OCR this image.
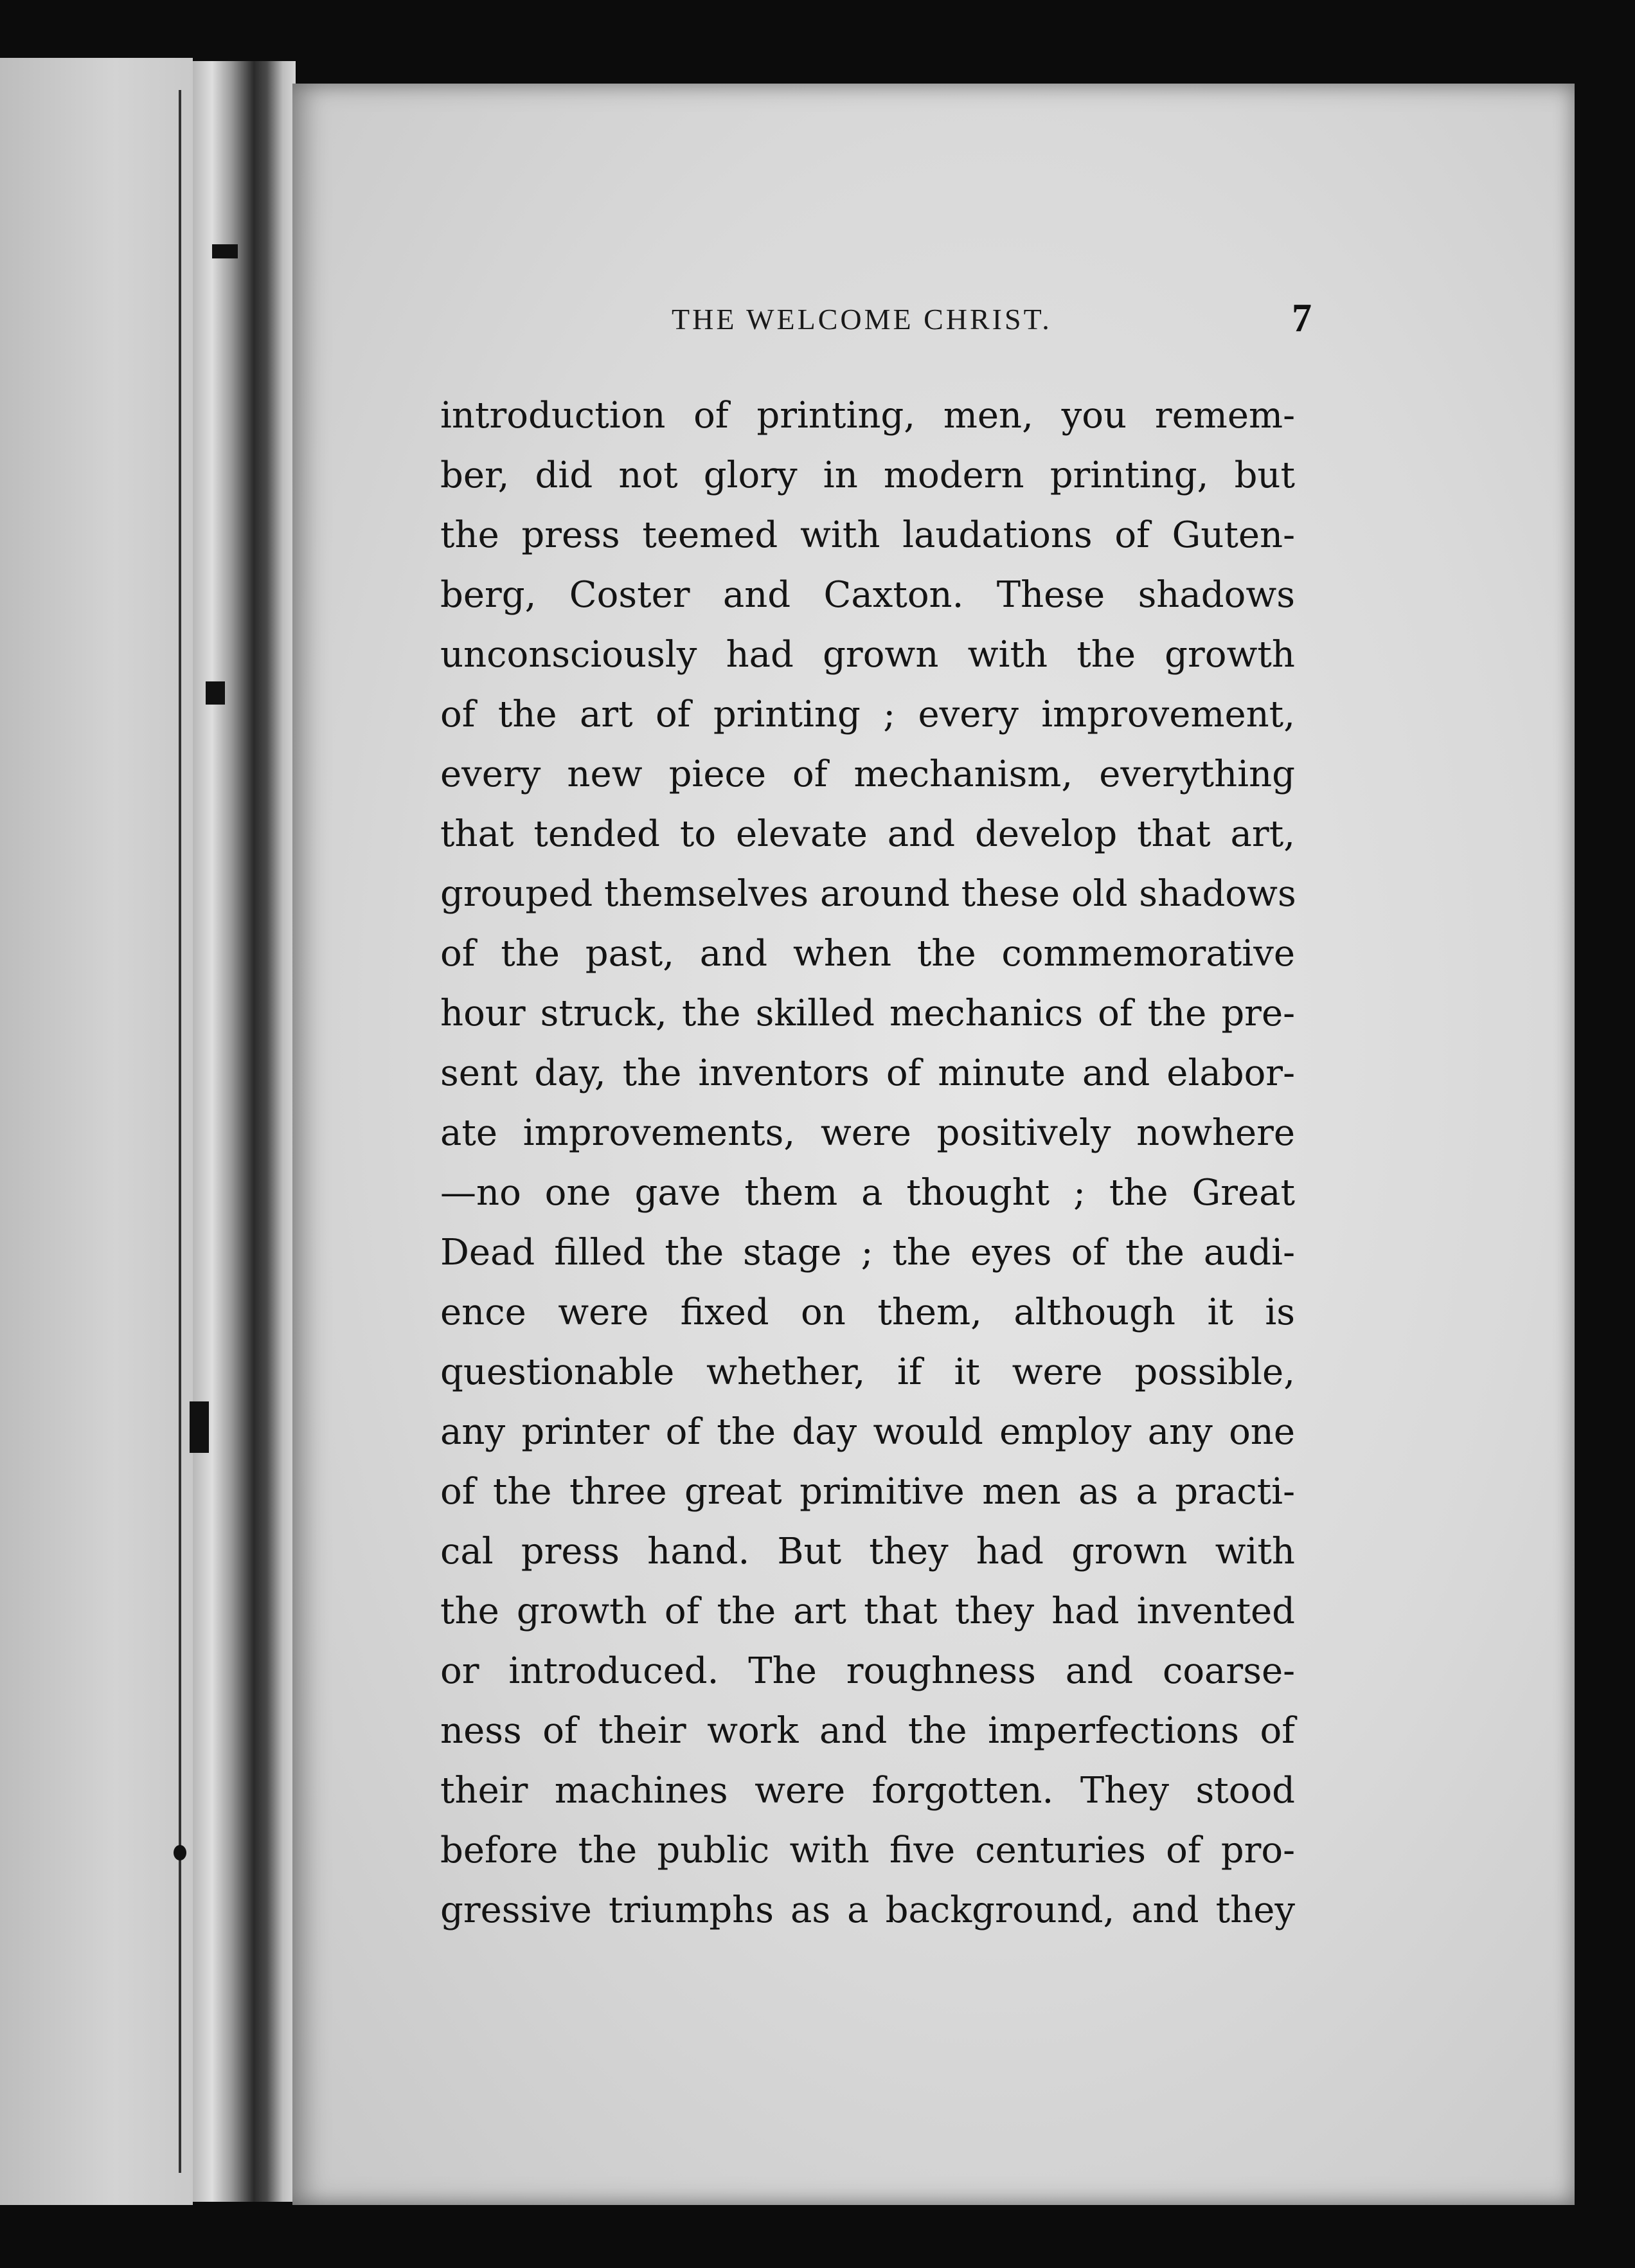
THE WELCOME CHRIST.	7
introduction of printing, men, you remem-
ber, did not glory in modern printing, but
the press teemed with laudations of Guten-
berg, Coster and Caxton. These shadows
unconsciously had grown with the growth
of the art of printing ; every improvement,
every new piece of mechanism, everything
that tended to elevate and develop that art,
grouped themselves around these old shadows
of the past, and when the commemorative
hour struck, the skilled mechanics of the pre-
sent day, the inventors of minute and elabor-
ate improvements, were positively nowhere
—no one gave them a thought ; the Great
Dead filled the stage ; the eyes of the audi-
ence were fixed on them, although it is
questionable whether, if it were possible,
any printer of the day would employ any one
of the three great primitive men as a practi-
cal press hand. But they had grown with
the growth of the art that they had invented
or introduced. The roughness and coarse-
ness of their work and the imperfections of
their machines were forgotten. They stood
before the public with five centuries of pro-
gressive triumphs as a background, and they
